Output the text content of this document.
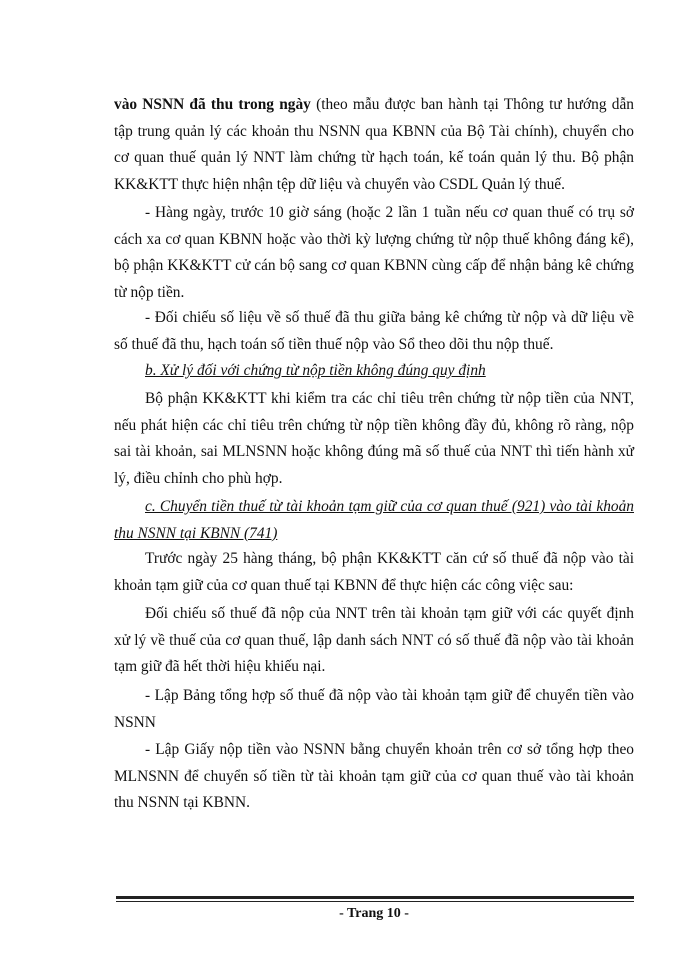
vào NSNN đã thu trong ngày (theo mẫu được ban hành tại Thông tư hướng dẫn tập trung quản lý các khoản thu NSNN qua KBNN của Bộ Tài chính), chuyển cho cơ quan thuế quản lý NNT làm chứng từ hạch toán, kế toán quản lý thu. Bộ phận KK&KTT thực hiện nhận tệp dữ liệu và chuyển vào CSDL Quản lý thuế.

- Hàng ngày, trước 10 giờ sáng (hoặc 2 lần 1 tuần nếu cơ quan thuế có trụ sở cách xa cơ quan KBNN hoặc vào thời kỳ lượng chứng từ nộp thuế không đáng kể), bộ phận KK&KTT cử cán bộ sang cơ quan KBNN cùng cấp để nhận bảng kê chứng từ nộp tiền.

- Đối chiếu số liệu về số thuế đã thu giữa bảng kê chứng từ nộp và dữ liệu về số thuế đã thu, hạch toán số tiền thuế nộp vào Sổ theo dõi thu nộp thuế.

b. Xử lý đối với chứng từ nộp tiền không đúng quy định

Bộ phận KK&KTT khi kiểm tra các chỉ tiêu trên chứng từ nộp tiền của NNT, nếu phát hiện các chỉ tiêu trên chứng từ nộp tiền không đầy đủ, không rõ ràng, nộp sai tài khoản, sai MLNSNN hoặc không đúng mã số thuế của NNT thì tiến hành xử lý, điều chỉnh cho phù hợp.

c. Chuyển tiền thuế từ tài khoản tạm giữ của cơ quan thuế (921) vào tài khoản thu NSNN tại KBNN (741)

Trước ngày 25 hàng tháng, bộ phận KK&KTT căn cứ số thuế đã nộp vào tài khoản tạm giữ của cơ quan thuế tại KBNN để thực hiện các công việc sau:

Đối chiếu số thuế đã nộp của NNT trên tài khoản tạm giữ với các quyết định xử lý về thuế của cơ quan thuế, lập danh sách NNT có số thuế đã nộp vào tài khoản tạm giữ đã hết thời hiệu khiếu nại.

- Lập Bảng tổng hợp số thuế đã nộp vào tài khoản tạm giữ để chuyển tiền vào NSNN

- Lập Giấy nộp tiền vào NSNN bằng chuyển khoản trên cơ sở tổng hợp theo MLNSNN để chuyển số tiền từ tài khoản tạm giữ của cơ quan thuế vào tài khoản thu NSNN tại KBNN.

- Trang 10 -
